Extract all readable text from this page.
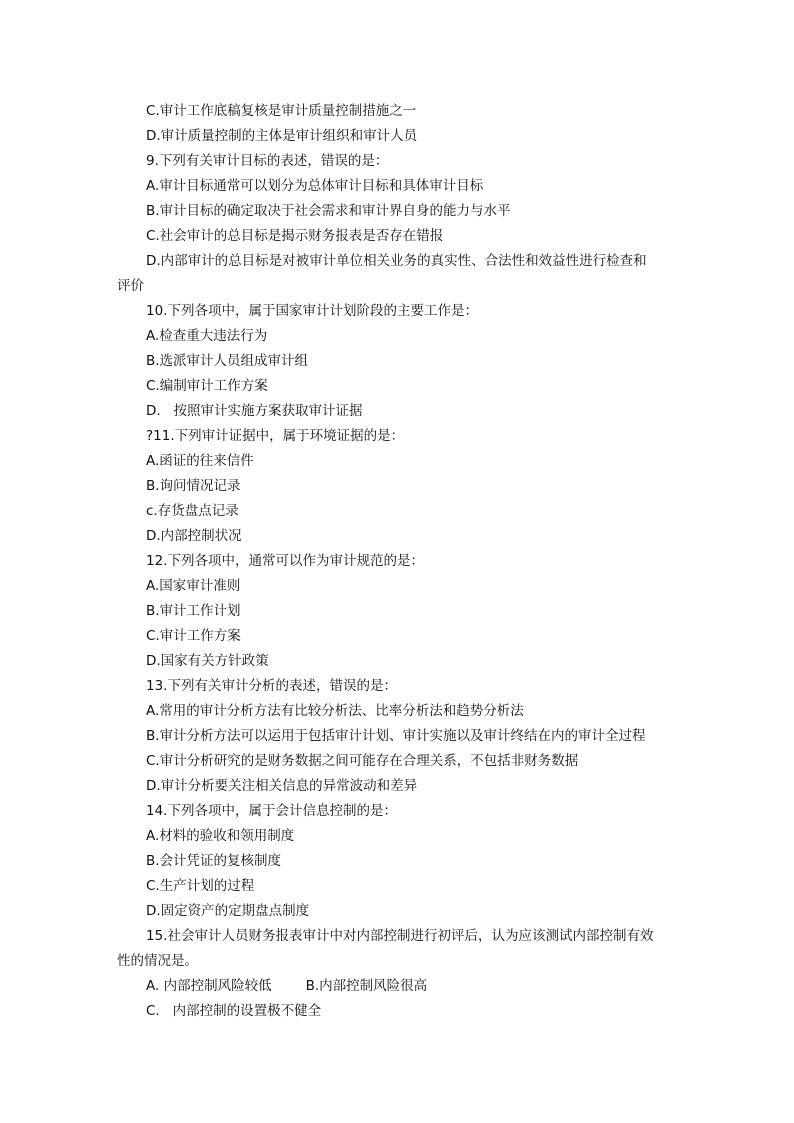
C.审计工作底稿复核是审计质量控制措施之一

D.审计质量控制的主体是审计组织和审计人员

9.下列有关审计目标的表述，错误的是：

A.审计目标通常可以划分为总体审计目标和具体审计目标

B.审计目标的确定取决于社会需求和审计界自身的能力与水平

C.社会审计的总目标是揭示财务报表是否存在错报

D.内部审计的总目标是对被审计单位相关业务的真实性、合法性和效益性进行检查和

评价

10.下列各项中，属于国家审计计划阶段的主要工作是：

A.检查重大违法行为

B.选派审计人员组成审计组

C.编制审计工作方案

D.   按照审计实施方案获取审计证据

?11.下列审计证据中，属于环境证据的是：

A.函证的往来信件

B.询问情况记录

c.存货盘点记录

D.内部控制状况

12.下列各项中，通常可以作为审计规范的是：

A.国家审计准则

B.审计工作计划

C.审计工作方案

D.国家有关方针政策

13.下列有关审计分析的表述，错误的是：

A.常用的审计分析方法有比较分析法、比率分析法和趋势分析法

B.审计分析方法可以运用于包括审计计划、审计实施以及审计终结在内的审计全过程

C.审计分析研究的是财务数据之间可能存在合理关系，不包括非财务数据

D.审计分析要关注相关信息的异常波动和差异

14.下列各项中，属于会计信息控制的是：

A.材料的验收和领用制度

B.会计凭证的复核制度

C.生产计划的过程

D.固定资产的定期盘点制度

15.社会审计人员财务报表审计中对内部控制进行初评后，认为应该测试内部控制有效

性的情况是。

A. 内部控制风险较低	B.内部控制风险很高

C.   内部控制的设置极不健全
